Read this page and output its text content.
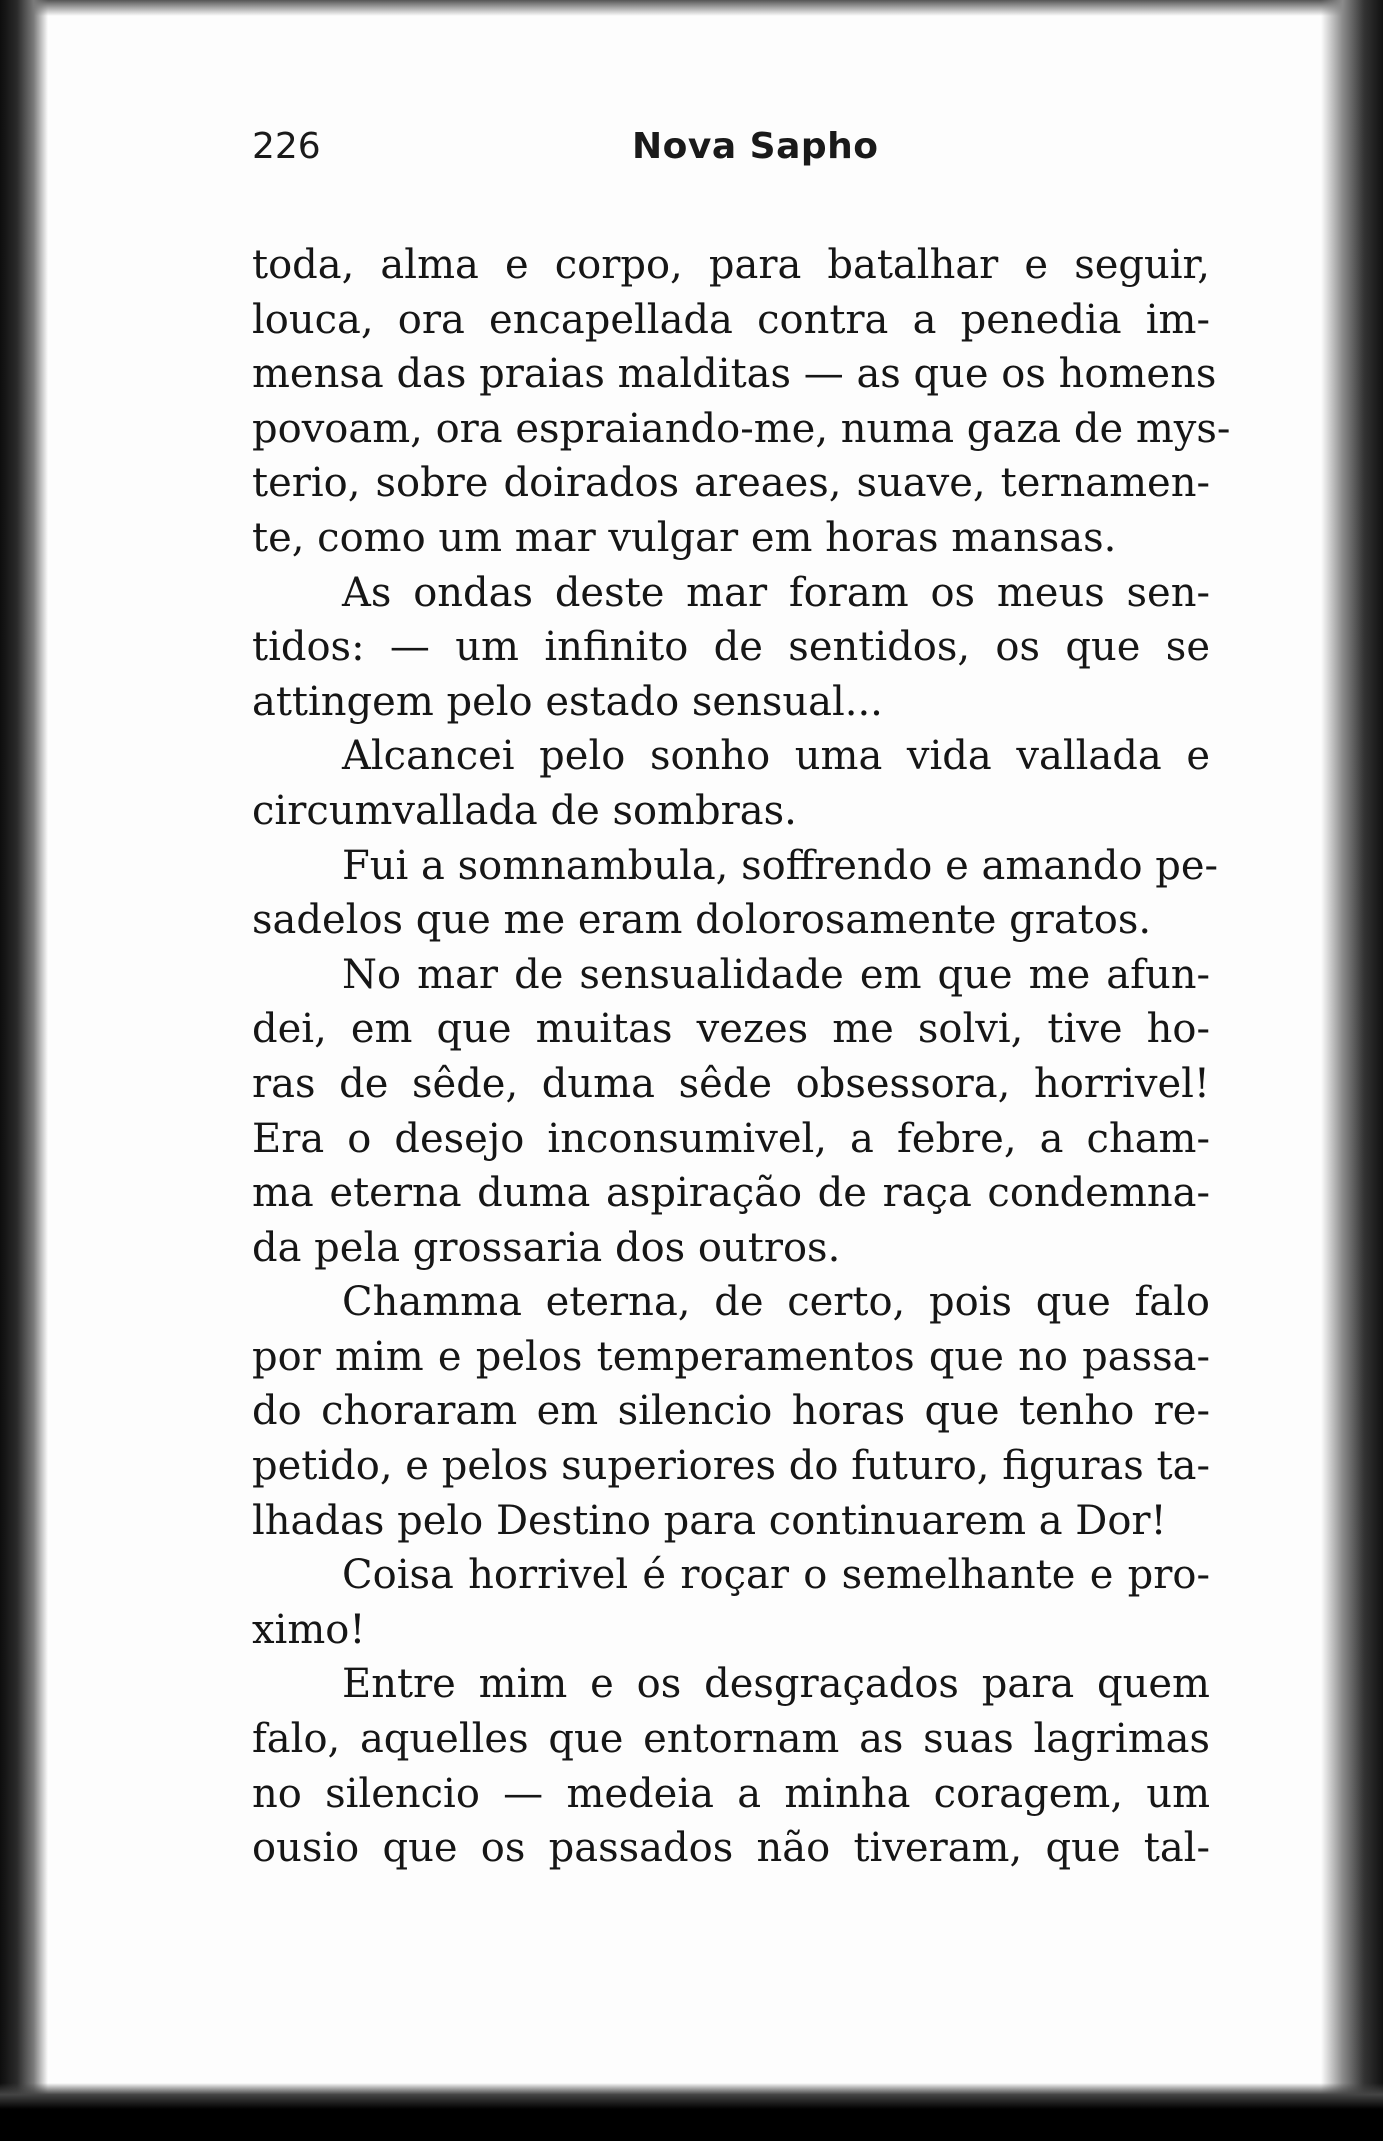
226	Nova Sapho
toda, alma e corpo, para batalhar e seguir,
louca, ora encapellada contra a penedia im-
mensa das praias malditas — as que os homens
povoam, ora espraiando-me, numa gaza de mys-
terio, sobre doirados areaes, suave, ternamen-
te, como um mar vulgar em horas mansas.
As ondas deste mar foram os meus sen-
tidos: — um infinito de sentidos, os que se
attingem pelo estado sensual...
Alcancei pelo sonho uma vida vallada e
circumvallada de sombras.
Fui a somnambula, soffrendo e amando pe-
sadelos que me eram dolorosamente gratos.
No mar de sensualidade em que me afun-
dei, em que muitas vezes me solvi, tive ho-
ras de sêde, duma sêde obsessora, horrivel!
Era o desejo inconsumivel, a febre, a cham-
ma eterna duma aspiração de raça condemna-
da pela grossaria dos outros.
Chamma eterna, de certo, pois que falo
por mim e pelos temperamentos que no passa-
do choraram em silencio horas que tenho re-
petido, e pelos superiores do futuro, figuras ta-
lhadas pelo Destino para continuarem a Dor!
Coisa horrivel é roçar o semelhante e pro-
ximo!
Entre mim e os desgraçados para quem
falo, aquelles que entornam as suas lagrimas
no silencio — medeia a minha coragem, um
ousio que os passados não tiveram, que tal-
